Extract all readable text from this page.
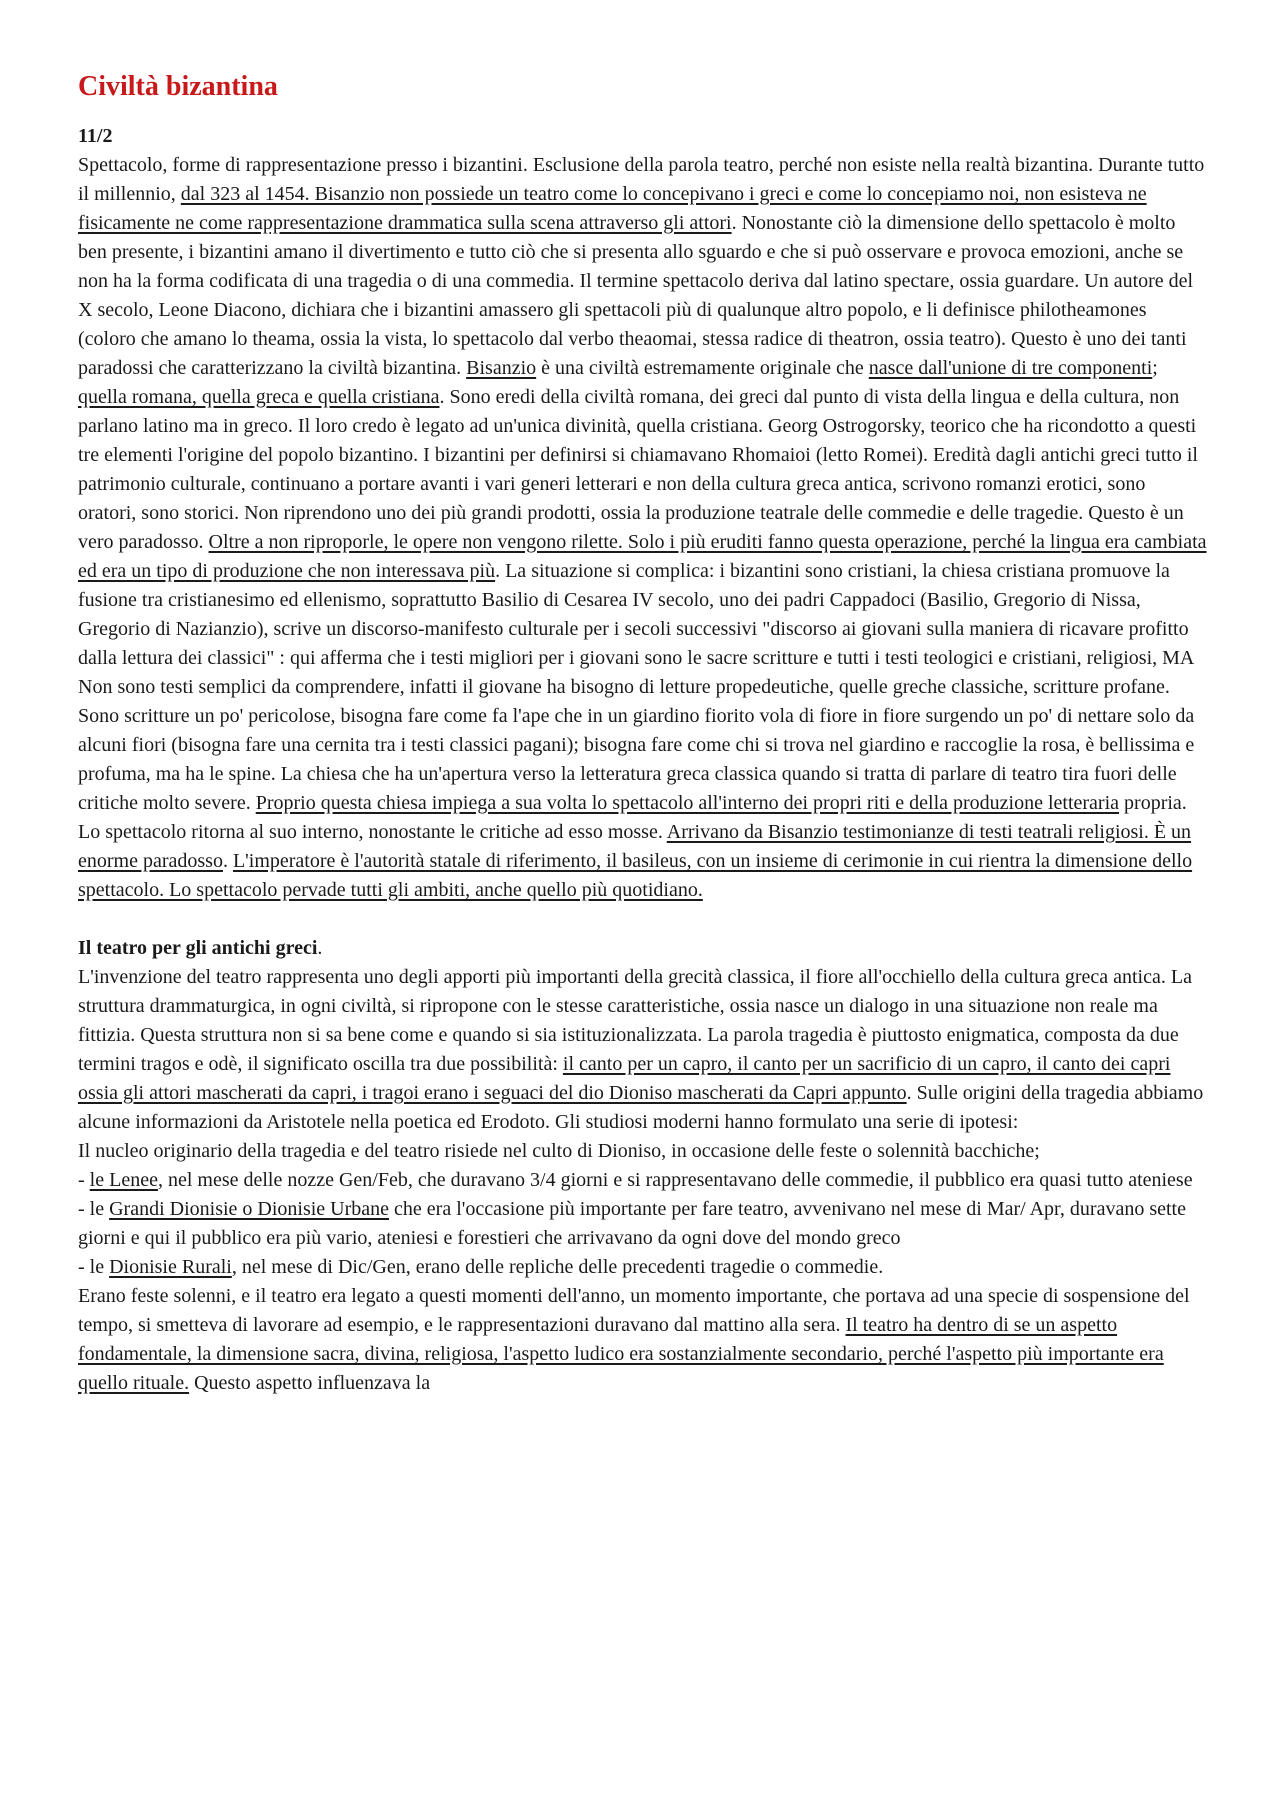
Civiltà bizantina
11/2

Spettacolo, forme di rappresentazione presso i bizantini. Esclusione della parola teatro, perché non esiste nella realtà bizantina. Durante tutto il millennio, dal 323 al 1454. Bisanzio non possiede un teatro come lo concepivano i greci e come lo concepiamo noi, non esisteva ne fisicamente ne come rappresentazione drammatica sulla scena attraverso gli attori. Nonostante ciò la dimensione dello spettacolo è molto ben presente, i bizantini amano il divertimento e tutto ciò che si presenta allo sguardo e che si può osservare e provoca emozioni, anche se non ha la forma codificata di una tragedia o di una commedia. Il termine spettacolo deriva dal latino spectare, ossia guardare. Un autore del X secolo, Leone Diacono, dichiara che i bizantini amassero gli spettacoli più di qualunque altro popolo, e li definisce philotheamones (coloro che amano lo theama, ossia la vista, lo spettacolo dal verbo theaomai, stessa radice di theatron, ossia teatro). Questo è uno dei tanti paradossi che caratterizzano la civiltà bizantina. Bisanzio è una civiltà estremamente originale che nasce dall'unione di tre componenti;

quella romana, quella greca e quella cristiana. Sono eredi della civiltà romana, dei greci dal punto di vista della lingua e della cultura, non parlano latino ma in greco. Il loro credo è legato ad un'unica divinità, quella cristiana. Georg Ostrogorsky, teorico che ha ricondotto a questi tre elementi l'origine del popolo bizantino. I bizantini per definirsi si chiamavano Rhomaioi (letto Romei). Eredità dagli antichi greci tutto il patrimonio culturale, continuano a portare avanti i vari generi letterari e non della cultura greca antica, scrivono romanzi erotici, sono oratori, sono storici. Non riprendono uno dei più grandi prodotti, ossia la produzione teatrale delle commedie e delle tragedie. Questo è un vero paradosso. Oltre a non riproporle, le opere non vengono rilette. Solo i più eruditi fanno questa operazione, perché la lingua era cambiata ed era un tipo di produzione che non interessava più. La situazione si complica: i bizantini sono cristiani, la chiesa cristiana promuove la fusione tra cristianesimo ed ellenismo, soprattutto Basilio di Cesarea IV secolo, uno dei padri Cappadoci (Basilio, Gregorio di Nissa, Gregorio di Nazianzio), scrive un discorso-manifesto culturale per i secoli successivi "discorso ai giovani sulla maniera di ricavare profitto dalla lettura dei classici" : qui afferma che i testi migliori per i giovani sono le sacre scritture e tutti i testi teologici e cristiani, religiosi, MA Non sono testi semplici da comprendere, infatti il giovane ha bisogno di letture propedeutiche, quelle greche classiche, scritture profane. Sono scritture un po' pericolose, bisogna fare come fa l'ape che in un giardino fiorito vola di fiore in fiore surgendo un po' di nettare solo da alcuni fiori (bisogna fare una cernita tra i testi classici pagani); bisogna fare come chi si trova nel giardino e raccoglie la rosa, è bellissima e profuma, ma ha le spine. La chiesa che ha un'apertura verso la letteratura greca classica quando si tratta di parlare di teatro tira fuori delle critiche molto severe. Proprio questa chiesa impiega a sua volta lo spettacolo all'interno dei propri riti e della produzione letteraria propria. Lo spettacolo ritorna al suo interno, nonostante le critiche ad esso mosse. Arrivano da Bisanzio testimonianze di testi teatrali religiosi. È un enorme paradosso. L'imperatore è l'autorità statale di riferimento, il basileus, con un insieme di cerimonie in cui rientra la dimensione dello spettacolo. Lo spettacolo pervade tutti gli ambiti, anche quello più quotidiano.

Il teatro per gli antichi greci.

L'invenzione del teatro rappresenta uno degli apporti più importanti della grecità classica, il fiore all'occhiello della cultura greca antica. La struttura drammaturgica, in ogni civiltà, si ripropone con le stesse caratteristiche, ossia nasce un dialogo in una situazione non reale ma fittizia. Questa struttura non si sa bene come e quando si sia istituzionalizzata. La parola tragedia è piuttosto enigmatica, composta da due termini tragos e odè, il significato oscilla tra due possibilità: il canto per un capro, il canto per un sacrificio di un capro, il canto dei capri ossia gli attori mascherati da capri, i tragoi erano i seguaci del dio Dioniso mascherati da Capri appunto. Sulle origini della tragedia abbiamo alcune informazioni da Aristotele nella poetica ed Erodoto. Gli studiosi moderni hanno formulato una serie di ipotesi:

Il nucleo originario della tragedia e del teatro risiede nel culto di Dioniso, in occasione delle feste o solennità bacchiche;

- le Lenee, nel mese delle nozze Gen/Feb, che duravano 3/4 giorni e si rappresentavano delle commedie, il pubblico era quasi tutto ateniese

- le Grandi Dionisie o Dionisie Urbane che era l'occasione più importante per fare teatro, avvenivano nel mese di Mar/ Apr, duravano sette giorni e qui il pubblico era più vario, ateniesi e forestieri che arrivavano da ogni dove del mondo greco

- le Dionisie Rurali, nel mese di Dic/Gen, erano delle repliche delle precedenti tragedie o commedie.

Erano feste solenni, e il teatro era legato a questi momenti dell'anno, un momento importante, che portava ad una specie di sospensione del tempo, si smetteva di lavorare ad esempio, e le rappresentazioni duravano dal mattino alla sera. Il teatro ha dentro di se un aspetto fondamentale, la dimensione sacra, divina, religiosa, l'aspetto ludico era sostanzialmente secondario, perché l'aspetto più importante era quello rituale. Questo aspetto influenzava la
